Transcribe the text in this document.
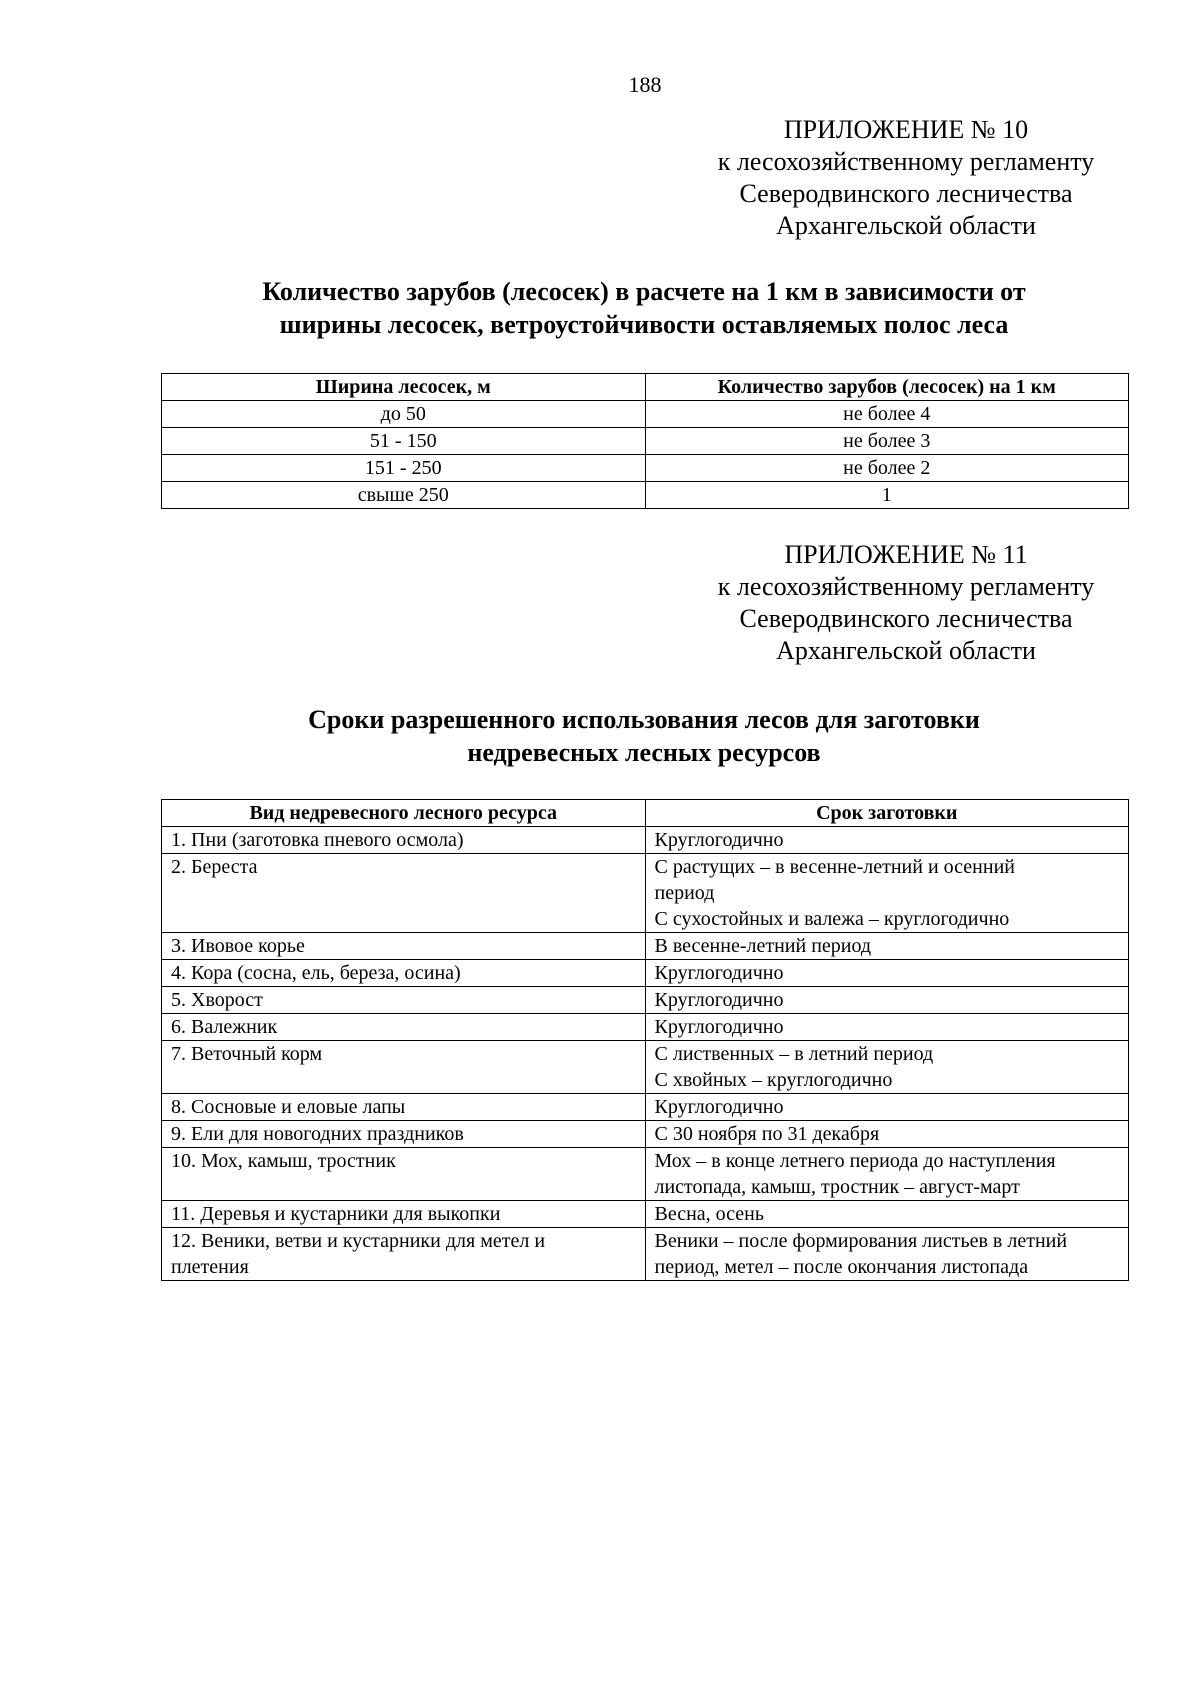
188
ПРИЛОЖЕНИЕ № 10
к лесохозяйственному регламенту
Северодвинского лесничества
Архангельской области
Количество зарубов (лесосек) в расчете на 1 км в зависимости от
ширины лесосек, ветроустойчивости оставляемых полос леса
Ширина лесосек, м	Количество зарубов (лесосек) на 1 км
до 50	не более 4
51 - 150	не более 3
151 - 250	не более 2
свыше 250	1
ПРИЛОЖЕНИЕ № 11
к лесохозяйственному регламенту
Северодвинского лесничества
Архангельской области
Сроки разрешенного использования лесов для заготовки
недревесных лесных ресурсов
Вид недревесного лесного ресурса	Срок заготовки

1. Пни (заготовка пневого осмола)	Круглогодично

2. Береста	С растущих – в весенне-летний и осенний
период
С сухостойных и валежа – круглогодично

3. Ивовое корье	В весенне-летний период

4. Кора (сосна, ель, береза, осина)	Круглогодично

5. Хворост	Круглогодично

6. Валежник	Круглогодично

7. Веточный корм	С лиственных – в летний период
С хвойных – круглогодично

8. Сосновые и еловые лапы	Круглогодично

9. Ели для новогодних праздников	С 30 ноября по 31 декабря

10. Мох, камыш, тростник	Мох – в конце летнего периода до наступления
листопада, камыш, тростник – август-март

11. Деревья и кустарники для выкопки	Весна, осень

12. Веники, ветви и кустарники для метел и
плетения	Веники – после формирования листьев в летний
период, метел – после окончания листопада
